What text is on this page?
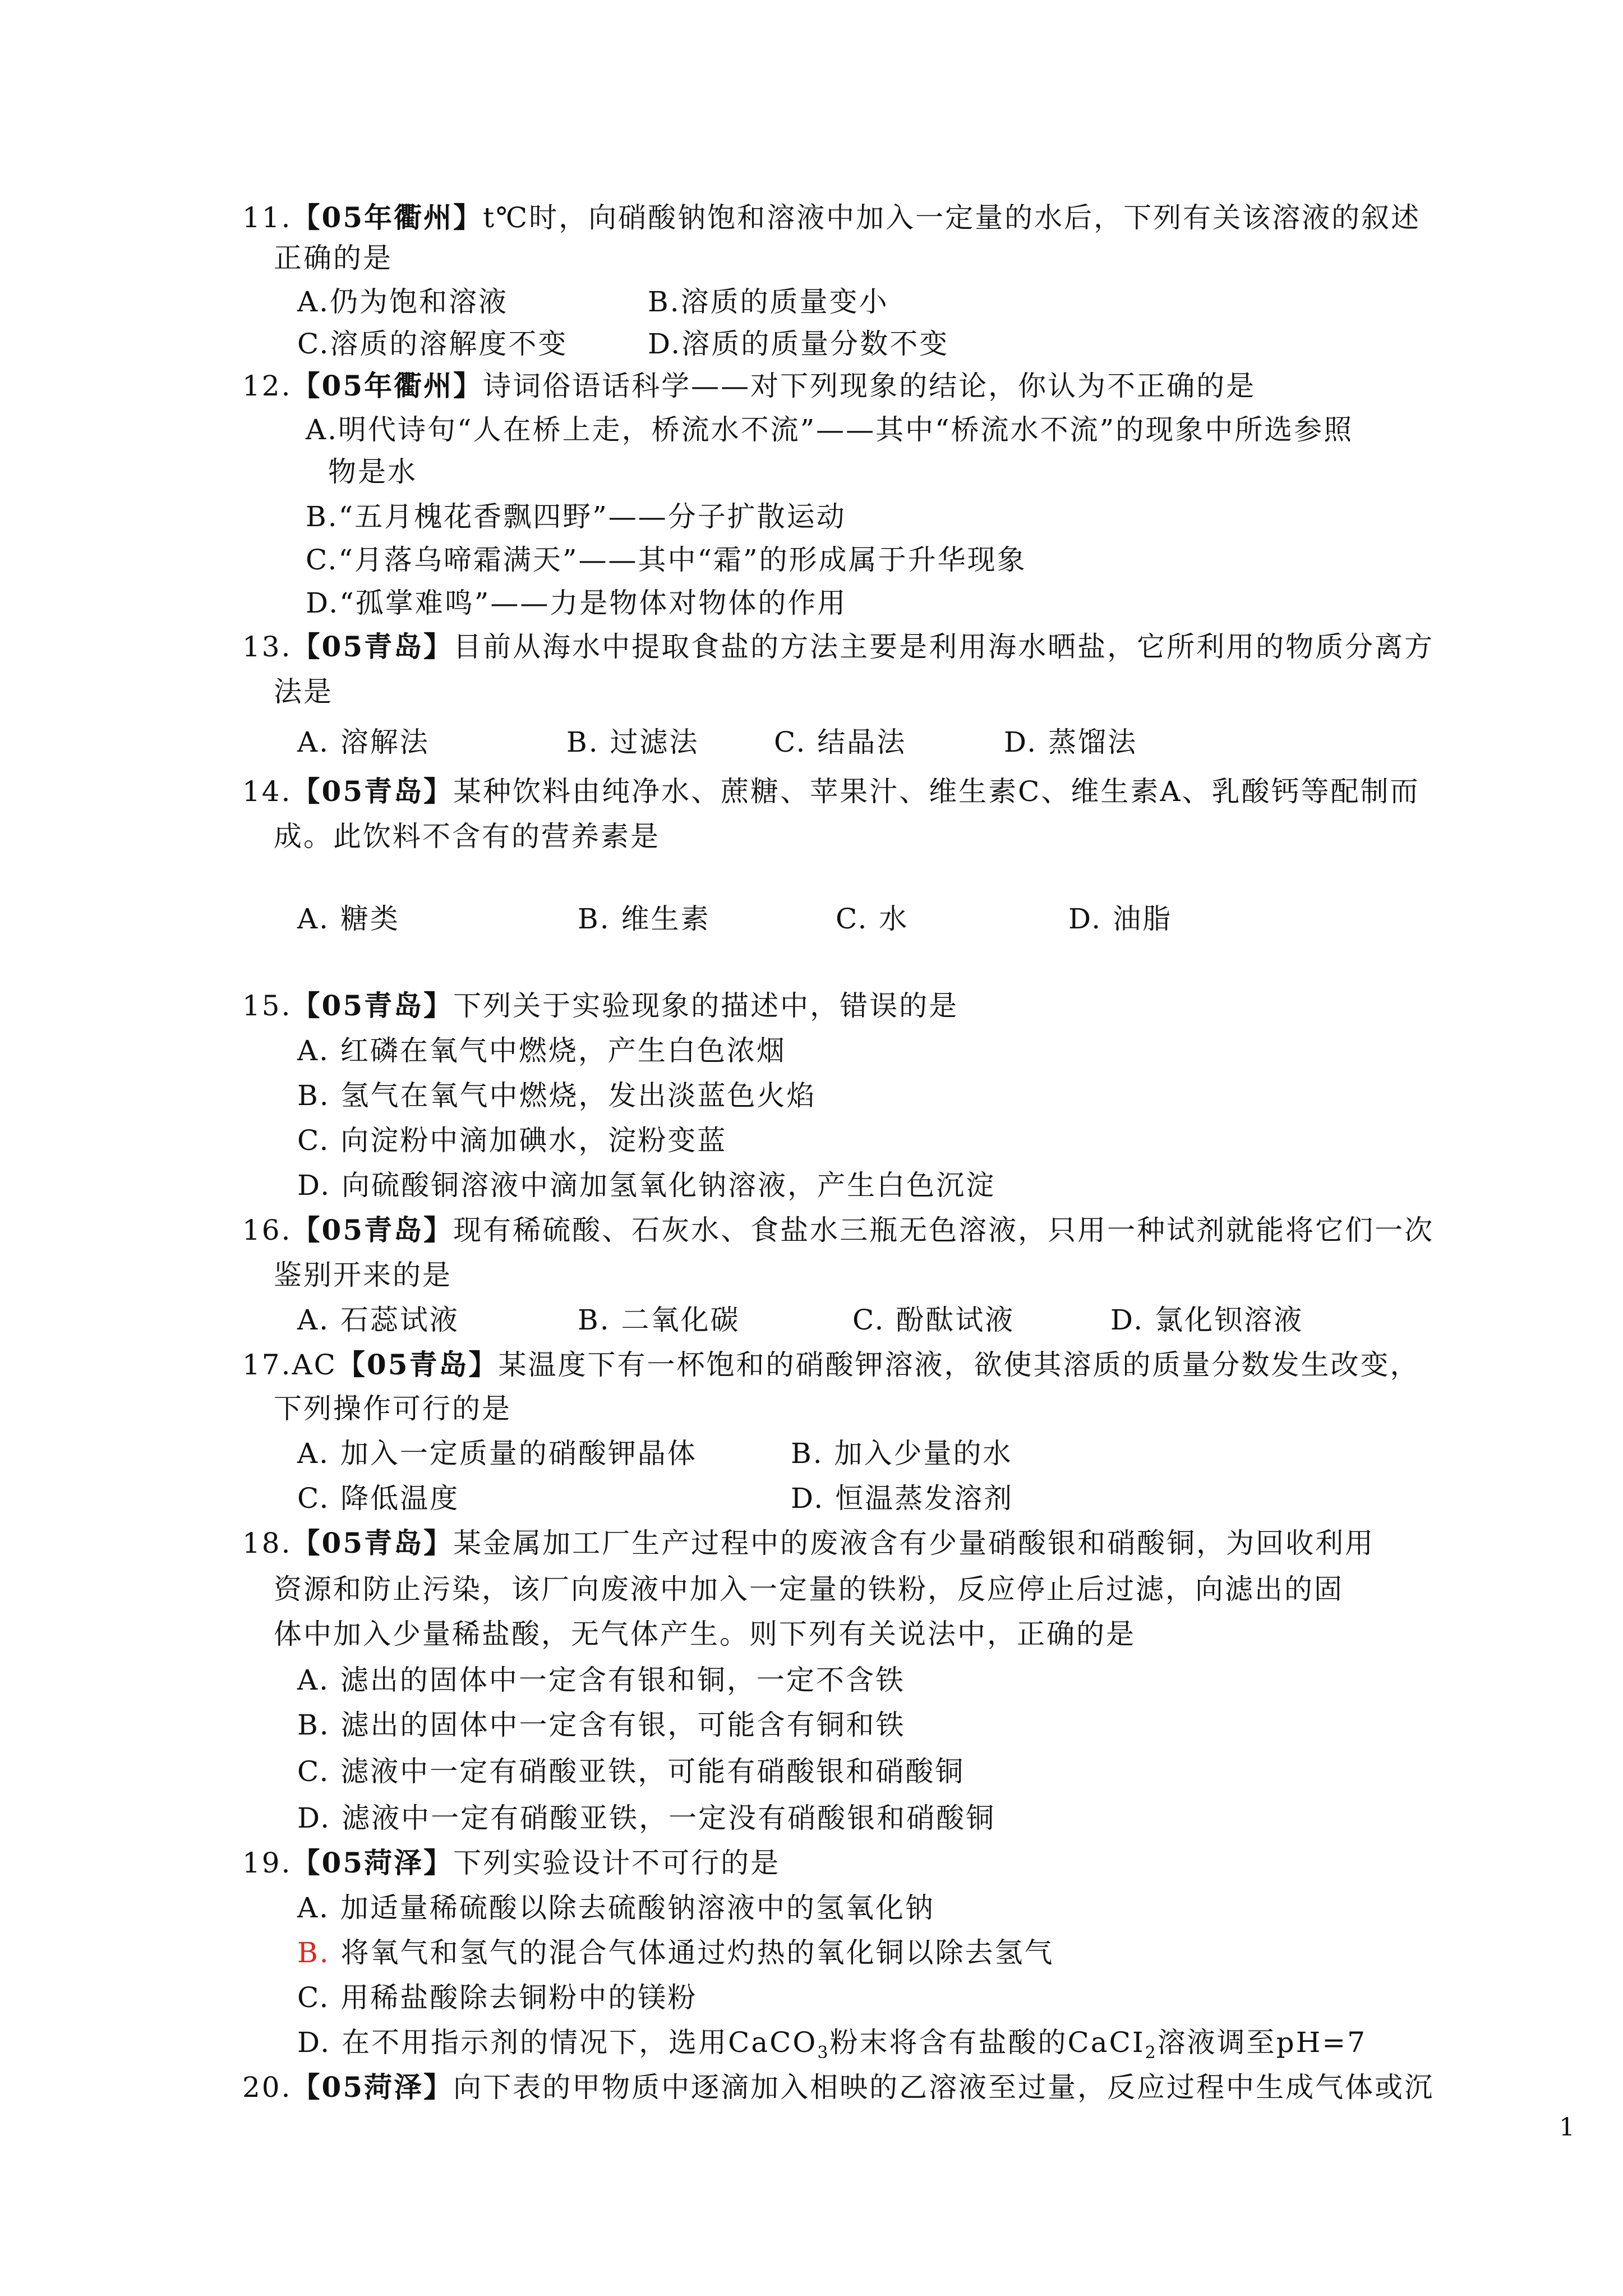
11.【05年衢州】t℃时，向硝酸钠饱和溶液中加入一定量的水后，下列有关该溶液的叙述
正确的是
A.仍为饱和溶液	B.溶质的质量变小
C.溶质的溶解度不变	D.溶质的质量分数不变
12.【05年衢州】诗词俗语话科学——对下列现象的结论，你认为不正确的是
A.明代诗句“人在桥上走，桥流水不流”——其中“桥流水不流”的现象中所选参照
物是水
B.“五月槐花香飘四野”——分子扩散运动
C.“月落乌啼霜满天”——其中“霜”的形成属于升华现象
D.“孤掌难鸣”——力是物体对物体的作用
13.【05青岛】目前从海水中提取食盐的方法主要是利用海水晒盐，它所利用的物质分离方
法是
A. 溶解法	B. 过滤法	C. 结晶法	D. 蒸馏法
14.【05青岛】某种饮料由纯净水、蔗糖、苹果汁、维生素C、维生素A、乳酸钙等配制而
成。此饮料不含有的营养素是
A. 糖类	B. 维生素	C. 水	D. 油脂
15.【05青岛】下列关于实验现象的描述中，错误的是
A. 红磷在氧气中燃烧，产生白色浓烟
B. 氢气在氧气中燃烧，发出淡蓝色火焰
C. 向淀粉中滴加碘水，淀粉变蓝
D. 向硫酸铜溶液中滴加氢氧化钠溶液，产生白色沉淀
16.【05青岛】现有稀硫酸、石灰水、食盐水三瓶无色溶液，只用一种试剂就能将它们一次
鉴别开来的是
A. 石蕊试液	B. 二氧化碳	C. 酚酞试液	D. 氯化钡溶液
17.AC【05青岛】某温度下有一杯饱和的硝酸钾溶液，欲使其溶质的质量分数发生改变，
下列操作可行的是
A. 加入一定质量的硝酸钾晶体	B. 加入少量的水
C. 降低温度	D. 恒温蒸发溶剂
18.【05青岛】某金属加工厂生产过程中的废液含有少量硝酸银和硝酸铜，为回收利用
资源和防止污染，该厂向废液中加入一定量的铁粉，反应停止后过滤，向滤出的固
体中加入少量稀盐酸，无气体产生。则下列有关说法中，正确的是
A. 滤出的固体中一定含有银和铜，一定不含铁
B. 滤出的固体中一定含有银，可能含有铜和铁
C. 滤液中一定有硝酸亚铁，可能有硝酸银和硝酸铜
D. 滤液中一定有硝酸亚铁，一定没有硝酸银和硝酸铜
19.【05菏泽】下列实验设计不可行的是
A. 加适量稀硫酸以除去硫酸钠溶液中的氢氧化钠
B. 将氧气和氢气的混合气体通过灼热的氧化铜以除去氢气
C. 用稀盐酸除去铜粉中的镁粉
D. 在不用指示剂的情况下，选用CaCO$_3$粉末将含有盐酸的CaCI$_2$溶液调至pH=7
20.【05菏泽】向下表的甲物质中逐滴加入相映的乙溶液至过量，反应过程中生成气体或沉
1
